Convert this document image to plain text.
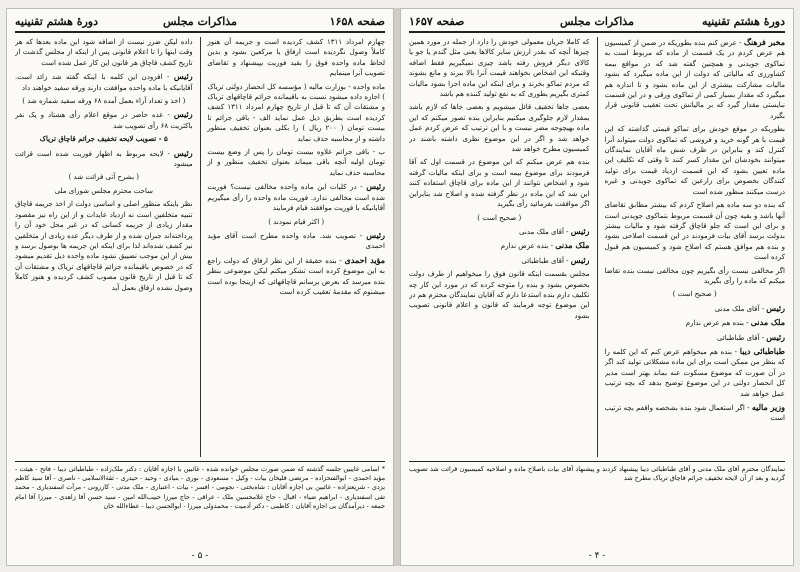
صفحه ۱۶۵۸
مذاکرات مجلس
دورهٔ هشتم تقنینیه

چهارم امرداد ۱۳۱۱ کشف کردیده است و جریمه آن هنوز کاملاً وصول نگردیده است ارفاق یا مرکعین بشود و بدین لحاظ ماده واحده فوق را بقید فوریت بپیشنهاد و تقاضای تصویب آنرا مینمایم

ماده واحده - بوزارت مالیه ( مؤسسه کل انحصار دولتی تریاک ) اجازه داده میشود نسبت به باقیمانده جرائم قاچاقهای تریاک و مشتقات آن که تا قبل از تاریخ چهارم امرداد ۱۳۱۱ کشف کردیده است بطریق ذیل عمل نماید الف - باقی جرائم تا بیست تومان ( ۲۰۰ ریال ) را بکلی بعنوان تخفیف منظور داشته و از محاسبه حذف نماید

ب - باقی جرائم علاوه بیست تومان را پس از وضع بیست تومان اولیه آنچه باقی میماند بعنوان تخفیف منظور و از محاسبه حذف نماید

رئیس - در کلیات این ماده واحده مخالفی نیست؟ فوریت شده است مخالفی ندارد. فوریت ماده واحده را رأی میگیریم آقایانیکه با فوریت موافقند قیام فرمایند

( اکثر قیام نمودند )

رئیس - تصویب شد. ماده واحده مطرح است آقای مؤید احمدی

مؤید احمدی - بنده حقیقة از این نظر ارفاق که دولت راجع به این موضوع کرده است تشکر میکنم لیکن موضوعی بنظر بنده میرسد که بعرض برسانم قاچاقهائی که ازینجا بوده است میشنوم که مقدمهٔ تعقیب کرده است

داده لیکن ضرر نیست از اضافه شود این ماده بعدها که هر وقت اینها را تا اعلام قانونی پس از اینکه از مجلس گذشت از تاریخ کشف قاچاق هر قانون این کار عمل شده است

رئیس - افزودن این کلمه با اینکه گفته شد زائد است. آقایانیکه با ماده واحده موافقت دارند ورقه سفید خواهند داد

( اخذ و تعداد آراء بعمل آمده ۶۸ ورقه سفید شماره شد )

رئیس - عده حاضر در موقع اعلام رأی هشتاد و یک نفر باکثریت ۶۸ رأی تصویب شد

۵ - تصویب لایحه تخفیف جرائم قاچاق تریاک

رئیس - لایحه مربوط به اظهار فوریت شده است قرائت میشود

( بشرح آتی قرائت شد )

ساحت محترم مجلس شورای ملی

نظر باینکه منظور اصلی و اساسی دولت از اخذ جریمه قاچاق تنبیه متخلفین است نه ازدیاد عایدات و از این راه نیز مقصود مقدار زیادی از جریمه کسانی که در غیر محل خود آن را پرداخته‌اند جبران شده و از طرف دیگر عده زیادی از متخلفین نیز کشف شده‌اند لذا برای اینکه این جریمه ها بوصول برسد و بیش از این موجب تضییق نشود ماده واحده ذیل تقدیم میشود که در خصوص باقیمانده جرائم قاچاقهای تریاک و مشتقات آن که تا قبل از تاریخ قانون مصوب کشف کردیده و هنوز کاملاً وصول نشده ارفاق بعمل آید

* اسامی غایبین جلسه گذشته که ضمن صورت مجلس خوانده شده - غائبین با اجازه آقایان : دکتر ملک‌زاده - طباطبائی دیبا - فاتح - هیئت - مؤید احمدی - ابوالفتحزاده - مرتضی قلیخان بیات - وکیل - مسعودی - نوری - بنیادی - وحید - حیدری - ثقة‌الاسلامی - ناصری - آقا سید کاظم یزدی - شریعتزاده - غائبین بی اجازه آقایان : شاه‌بختی - نجومی - افسر - بیات - اعتباری - ملک مدنی - کازرونی - مرآت اسفندیاری - محمد تقی اسفندیاری - ابراهیم ضیاء - اقبال - حاج غلامحسین ملک - عراقی - حاج میرزا حبیب‌الله امین - سید حسن آقا زاهدی - میرزا آقا امام جمعه - دیرآمدگان بی اجازه آقایان : کاظمی - دکتر آدمیت - محمدولی میرزا - ابوالحسن دیبا - عطاءالله خان
- ۵ -
دورهٔ هشتم تقنینیه
مذاکرات مجلس
صفحه ۱۶۵۷

مخبر فرهنگ - عرض کنم بنده بطوریکه در ضمن از کمیسیون هم عرض کردم در یک قسمت از ماده که مربوط است به تماکوی جویدنی و همچنین گفته شد که در مواقع بیمه کشاورزی که مالیاتی که دولت از این ماده میگیرد که بشود مالیات مشارکت بیشتری از این ماده بشود و تا اندازه هم میگیرد که مقدار بسیار کمی از تماکوی ورقی و در این قسمت نبایستی مقدار گیرد که بر مالیاتش تحت تعقیب قانونی قرار بگیرد

بطوریکه در موقع خودش برای تماکو قیمتی گذاشته که این قیمت با هر گونه خرید و فروشی که تماکوی دولت میتواند آنرا کنترل کند و بنابراین در ظرف شش ماه آقایان نمایندگان میتوانند بخودشان این مقدار کسر کنند تا وقتی که تکلیف این ماده تعیین بشود که این قسمت ازدیاد قیمت برای تولید کنندگان بخصوص برای زارعین که تماکوی جویدنی و غیره درست میکنند منظور شده است

که بنده دو سه ماده هم اصلاح کردم که بیشتر مطابق تقاضای آنها باشد و بقیه چون آن قسمت مربوط بتماکوی جویدنی است و برای این است که جلو قاچاق گرفته شود و مالیات بیشتر بدولت برسد آقای بیات فرمودند در این قسمت اصلاحی بشود و بنده هم موافق هستم که اصلاح شود و کمیسیون هم قبول کرده است

اگر مخالفی نیست رأی بگیریم چون مخالفی نیست بنده تقاضا میکنم که ماده را رأی بگیرید

( صحیح است )

رئیس - آقای ملک مدنی

ملک مدنی - بنده هم عرض ندارم

رئیس - آقای طباطبائی

طباطبائی دیبا - بنده هم میخواهم عرض کنم که این کلمه را که بنظر من ممکن است برای این ماده مشکلاتی تولید کند اگر در آن صورت که موضوع مسکوت عنه بماند بهتر است مدیر کل انحصار دولتی در این موضوع توضیح بدهد که بچه ترتیب عمل خواهد شد

وزیر مالیه - اگر استعمال شود بنده بشخصه واقفم بچه ترتیب است

که کاملا جریان معمولی خودش را دارد از جمله در مورد همین چیزها آنچه که بقدر ارزش سایر کالاها یعنی مثل گندم یا جو یا کالای دیگر فروش رفته باشد چیزی نمیگیریم فقط اضافه وقتیکه این اشخاص بخواهند قیمت آنرا بالا ببرند و مانع بشوند که مردم تماکو بخرند و برای اینکه این ماده اجرا بشود مالیات کمتری بگیریم بطوری که به نفع تولید کننده هم باشد

بعضی جاها تخفیف قائل میشویم و بعضی جاها که لازم باشد بمقدار لازم جلوگیری میکنیم بنابراین بنده تصور میکنم که این ماده بهیچوجه مضر نیست و با این ترتیب که عرض کردم عمل خواهد شد و اگر در این موضوع نظری داشته باشند در کمیسیون مطرح خواهد شد

بنده هم عرض میکنم که این موضوع در قسمت اول که آقا فرمودند برای موضوع بیمه است و برای اینکه مالیات گرفته شود و اشخاص نتوانند از این ماده برای قاچاق استفاده کنند این شد که این ماده در نظر گرفته شده و اصلاح شد بنابراین اگر موافقت بفرمائید رأی بگیرید

( صحیح است )

رئیس - آقای ملک مدنی

ملک مدنی - بنده عرض ندارم

رئیس - آقای طباطبائی

مجلس بقسمت اینکه قانون فوق را میخواهیم از طرف دولت بخصوص بشود و بنده را متوجه کرده که در مورد این کار چه تکلیف دارم بنده استدعا دارم که آقایان نمایندگان محترم هم در این موضوع توجه فرمایند که قانون و اعلام قانونی تصویب بشود

نمایندگان محترم آقای ملک مدنی و آقای طباطبائی دیبا پیشنهاد کردند و پیشنهاد آقای بیات باصلاح ماده و اصلاحیه کمیسیون قرائت شد تصویب گردید و بعد از آن لایحه تخفیف جرائم قاچاق تریاک مطرح شد
- ۴ -
